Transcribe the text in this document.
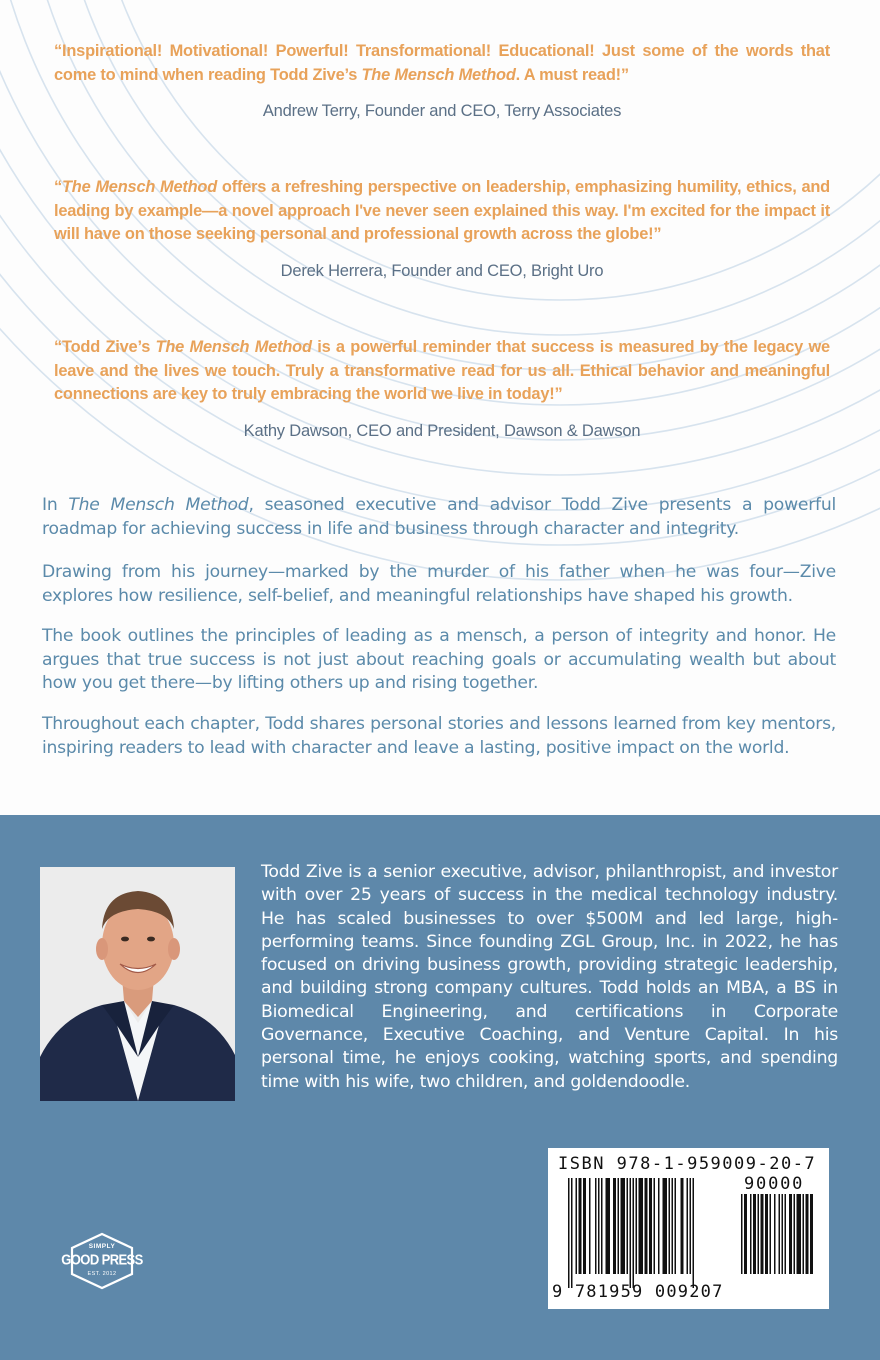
“Inspirational! Motivational! Powerful! Transformational! Educational! Just some of the words that come to mind when reading Todd Zive’s The Mensch Method. A must read!”
Andrew Terry, Founder and CEO, Terry Associates
“The Mensch Method offers a refreshing perspective on leadership, emphasizing humility, ethics, and leading by example—a novel approach I've never seen explained this way. I'm excited for the impact it will have on those seeking personal and professional growth across the globe!”
Derek Herrera, Founder and CEO, Bright Uro
“Todd Zive’s The Mensch Method is a powerful reminder that success is measured by the legacy we leave and the lives we touch. Truly a transformative read for us all. Ethical behavior and meaningful connections are key to truly embracing the world we live in today!”
Kathy Dawson, CEO and President, Dawson & Dawson

In The Mensch Method, seasoned executive and advisor Todd Zive presents a powerful roadmap for achieving success in life and business through character and integrity.

Drawing from his journey—marked by the murder of his father when he was four—Zive explores how resilience, self-belief, and meaningful relationships have shaped his growth.

The book outlines the principles of leading as a mensch, a person of integrity and honor. He argues that true success is not just about reaching goals or accumulating wealth but about how you get there—by lifting others up and rising together.

Throughout each chapter, Todd shares personal stories and lessons learned from key mentors, inspiring readers to lead with character and leave a lasting, positive impact on the world.

Todd Zive is a senior executive, advisor, philanthropist, and investor with over 25 years of success in the medical technology industry. He has scaled businesses to over $500M and led large, high-performing teams. Since founding ZGL Group, Inc. in 2022, he has focused on driving business growth, providing strategic leadership, and building strong company cultures. Todd holds an MBA, a BS in Biomedical Engineering, and certifications in Corporate Governance, Executive Coaching, and Venture Capital. In his personal time, he enjoys cooking, watching sports, and spending time with his wife, two children, and goldendoodle.

SIMPLY
GOOD PRESS
EST. 2012
ISBN 978-1-959009-20-7
90000
9 781959 009207
